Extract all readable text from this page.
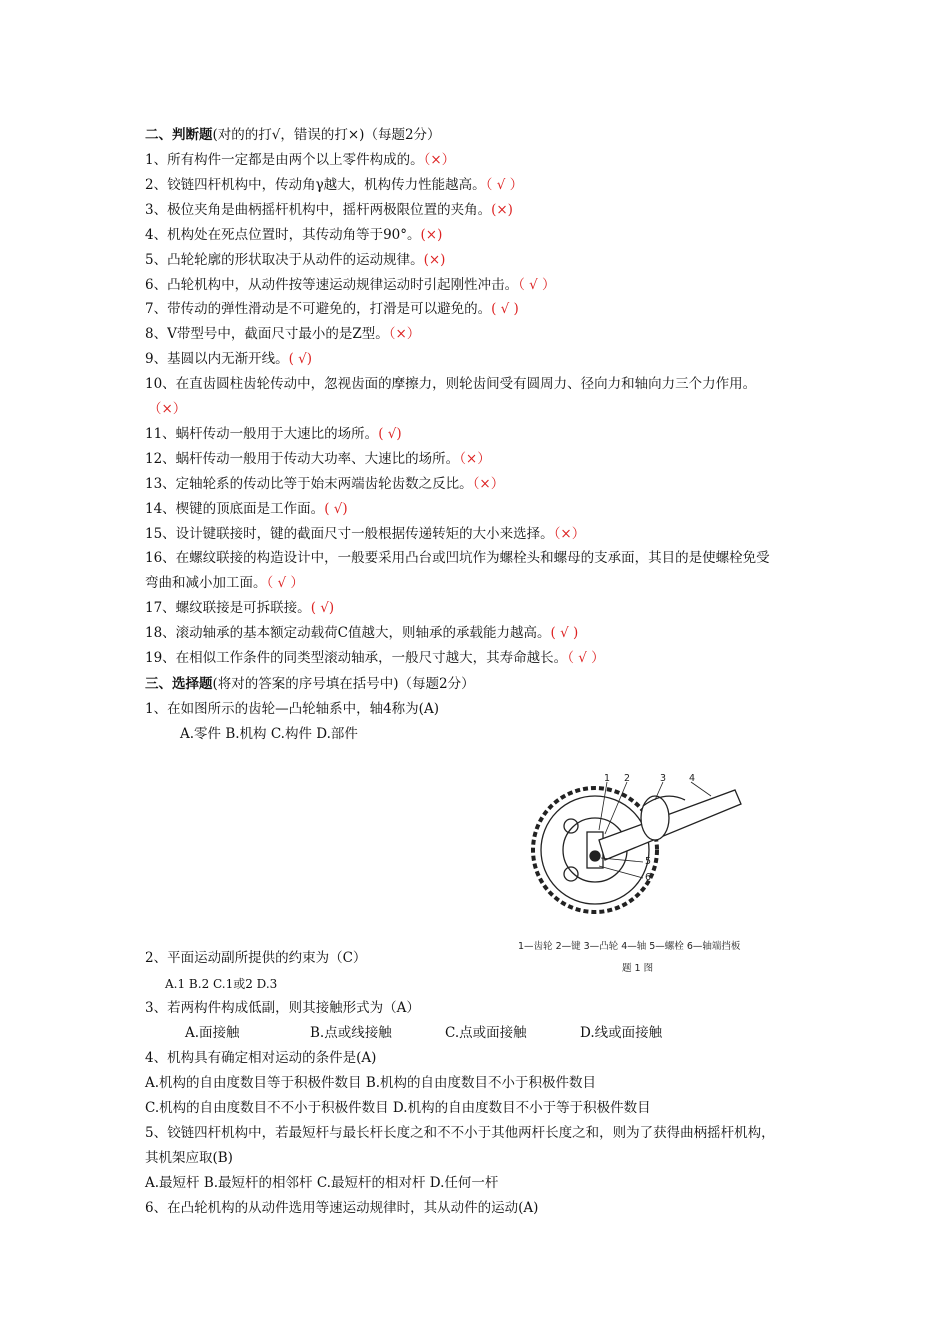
二、判断题(对的的打√，错误的打×)（每题2分）
1、所有构件一定都是由两个以上零件构成的。（×）
2、铰链四杆机构中，传动角γ越大，机构传力性能越高。（ √ ）
3、极位夹角是曲柄摇杆机构中，摇杆两极限位置的夹角。(×)
4、机构处在死点位置时，其传动角等于90°。(×)
5、凸轮轮廓的形状取决于从动件的运动规律。(×)
6、凸轮机构中，从动件按等速运动规律运动时引起刚性冲击。（ √ ）
7、带传动的弹性滑动是不可避免的，打滑是可以避免的。( √ )
8、V带型号中，截面尺寸最小的是Z型。（×）
9、基圆以内无渐开线。( √)
10、在直齿圆柱齿轮传动中，忽视齿面的摩擦力，则轮齿间受有圆周力、径向力和轴向力三个力作用。
（×）
11、蜗杆传动一般用于大速比的场所。( √)
12、蜗杆传动一般用于传动大功率、大速比的场所。（×）
13、定轴轮系的传动比等于始末两端齿轮齿数之反比。（×）
14、楔键的顶底面是工作面。( √)
15、设计键联接时，键的截面尺寸一般根据传递转矩的大小来选择。（×）
16、在螺纹联接的构造设计中，一般要采用凸台或凹坑作为螺栓头和螺母的支承面，其目的是使螺栓免受
弯曲和减小加工面。（ √ ）
17、螺纹联接是可拆联接。( √)
18、滚动轴承的基本额定动载荷C值越大，则轴承的承载能力越高。( √ )
19、在相似工作条件的同类型滚动轴承，一般尺寸越大，其寿命越长。（ √ ）
三、选择题(将对的答案的序号填在括号中)（每题2分）
1、在如图所示的齿轮—凸轮轴系中，轴4称为(A)
A.零件 B.机构 C.构件 D.部件
1 2	3 4
5
6
1—齿轮 2—键 3—凸轮 4—轴 5—螺栓 6—轴端挡板
题 1 图
2、平面运动副所提供的约束为（C）
A.1 B.2 C.1或2 D.3
3、若两构件构成低副，则其接触形式为（A）
A.面接触	B.点或线接触	C.点或面接触	D.线或面接触
4、机构具有确定相对运动的条件是(A)
A.机构的自由度数目等于积极件数目 B.机构的自由度数目不小于积极件数目
C.机构的自由度数目不不小于积极件数目 D.机构的自由度数目不小于等于积极件数目
5、铰链四杆机构中，若最短杆与最长杆长度之和不不小于其他两杆长度之和，则为了获得曲柄摇杆机构，
其机架应取(B)
A.最短杆 B.最短杆的相邻杆 C.最短杆的相对杆 D.任何一杆
6、在凸轮机构的从动件选用等速运动规律时，其从动件的运动(A)
